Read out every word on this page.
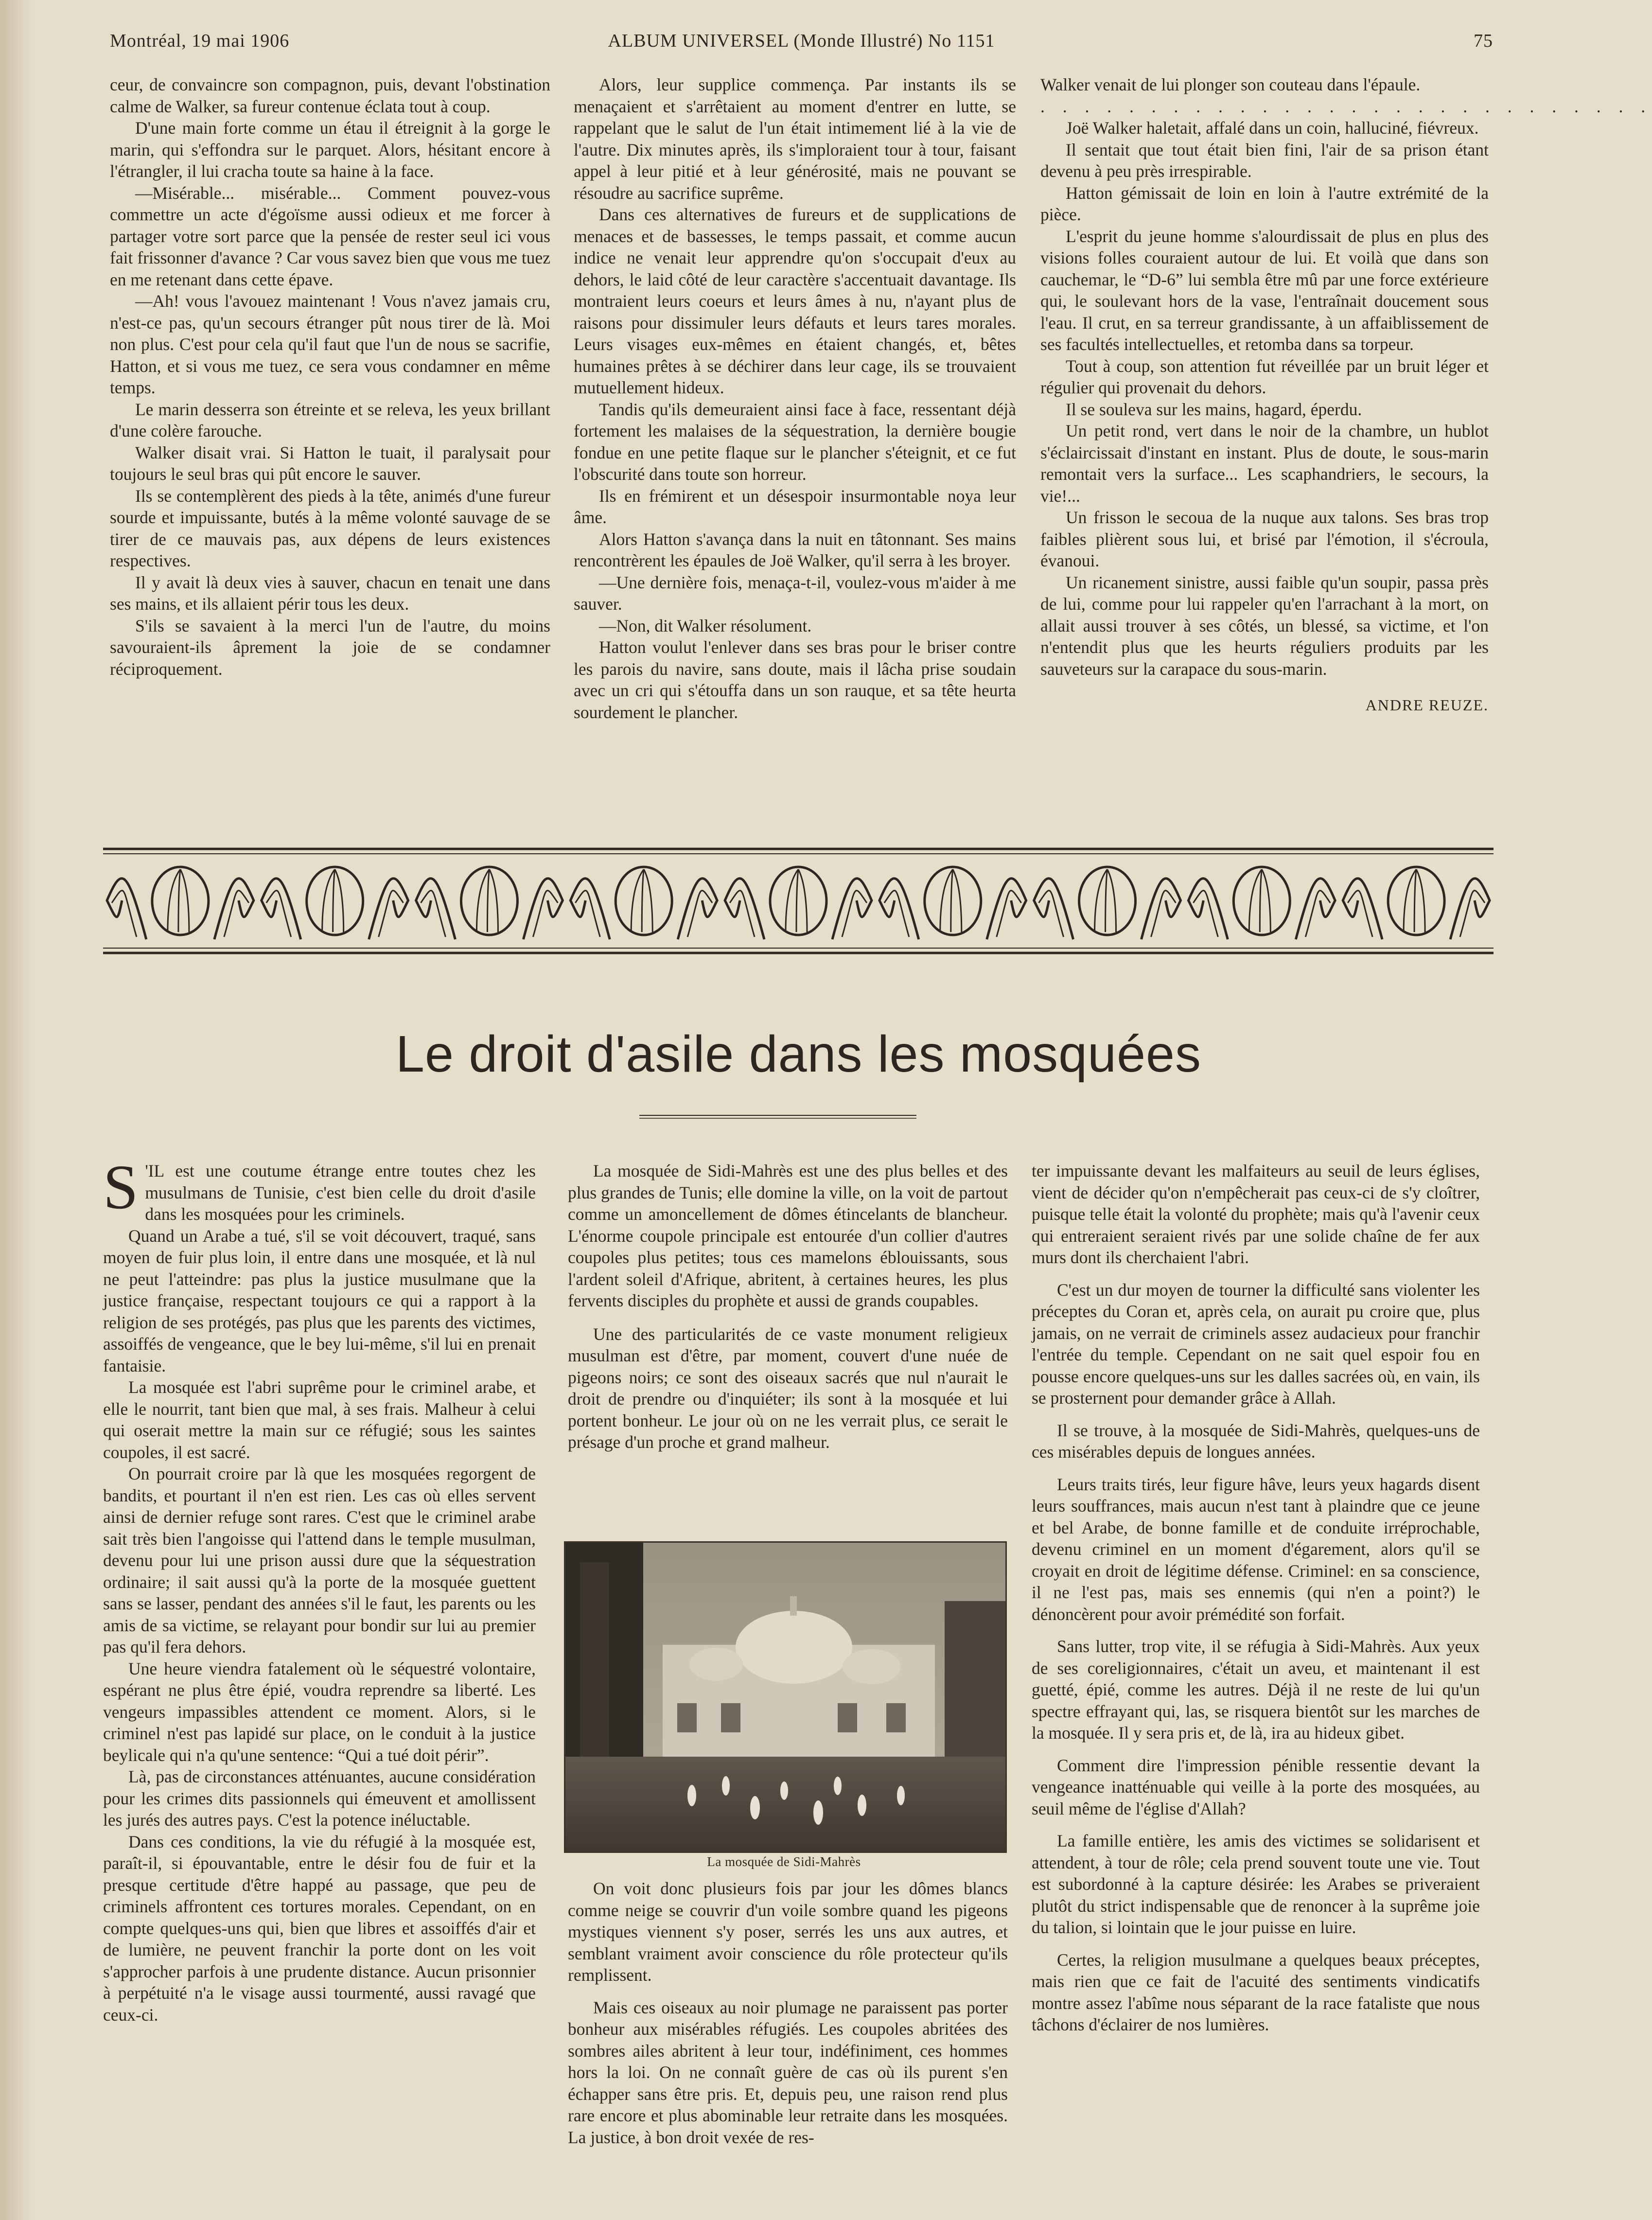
Montréal, 19 mai 1906	ALBUM UNIVERSEL (Monde Illustré) No 1151	75

ceur, de convaincre son compagnon, puis, devant l'obstination calme de Walker, sa fureur contenue éclata tout à coup.

D'une main forte comme un étau il étreignit à la gorge le marin, qui s'effondra sur le parquet. Alors, hésitant encore à l'étrangler, il lui cracha toute sa haine à la face.

—Misérable... misérable... Comment pouvez-vous commettre un acte d'égoïsme aussi odieux et me forcer à partager votre sort parce que la pensée de rester seul ici vous fait frissonner d'avance ? Car vous savez bien que vous me tuez en me retenant dans cette épave.

—Ah! vous l'avouez maintenant ! Vous n'avez jamais cru, n'est-ce pas, qu'un secours étranger pût nous tirer de là. Moi non plus. C'est pour cela qu'il faut que l'un de nous se sacrifie, Hatton, et si vous me tuez, ce sera vous condamner en même temps.

Le marin desserra son étreinte et se releva, les yeux brillant d'une colère farouche.

Walker disait vrai. Si Hatton le tuait, il paralysait pour toujours le seul bras qui pût encore le sauver.

Ils se contemplèrent des pieds à la tête, animés d'une fureur sourde et impuissante, butés à la même volonté sauvage de se tirer de ce mauvais pas, aux dépens de leurs existences respectives.

Il y avait là deux vies à sauver, chacun en tenait une dans ses mains, et ils allaient périr tous les deux.

S'ils se savaient à la merci l'un de l'autre, du moins savouraient-ils âprement la joie de se condamner réciproquement.

Alors, leur supplice commença. Par instants ils se menaçaient et s'arrêtaient au moment d'entrer en lutte, se rappelant que le salut de l'un était intimement lié à la vie de l'autre. Dix minutes après, ils s'imploraient tour à tour, faisant appel à leur pitié et à leur générosité, mais ne pouvant se résoudre au sacrifice suprême.

Dans ces alternatives de fureurs et de supplications de menaces et de bassesses, le temps passait, et comme aucun indice ne venait leur apprendre qu'on s'occupait d'eux au dehors, le laid côté de leur caractère s'accentuait davantage. Ils montraient leurs coeurs et leurs âmes à nu, n'ayant plus de raisons pour dissimuler leurs défauts et leurs tares morales. Leurs visages eux-mêmes en étaient changés, et, bêtes humaines prêtes à se déchirer dans leur cage, ils se trouvaient mutuellement hideux.

Tandis qu'ils demeuraient ainsi face à face, ressentant déjà fortement les malaises de la séquestration, la dernière bougie fondue en une petite flaque sur le plancher s'éteignit, et ce fut l'obscurité dans toute son horreur.

Ils en frémirent et un désespoir insurmontable noya leur âme.

Alors Hatton s'avança dans la nuit en tâtonnant. Ses mains rencontrèrent les épaules de Joë Walker, qu'il serra à les broyer.

—Une dernière fois, menaça-t-il, voulez-vous m'aider à me sauver.

—Non, dit Walker résolument.

Hatton voulut l'enlever dans ses bras pour le briser contre les parois du navire, sans doute, mais il lâcha prise soudain avec un cri qui s'étouffa dans un son rauque, et sa tête heurta sourdement le plancher.

Walker venait de lui plonger son couteau dans l'épaule.

. . . . . . . . . . . . . . . . . . . . . . . . . . . .

Joë Walker haletait, affalé dans un coin, halluciné, fiévreux.

Il sentait que tout était bien fini, l'air de sa prison étant devenu à peu près irrespirable.

Hatton gémissait de loin en loin à l'autre extrémité de la pièce.

L'esprit du jeune homme s'alourdissait de plus en plus des visions folles couraient autour de lui. Et voilà que dans son cauchemar, le “D-6” lui sembla être mû par une force extérieure qui, le soulevant hors de la vase, l'entraînait doucement sous l'eau. Il crut, en sa terreur grandissante, à un affaiblissement de ses facultés intellectuelles, et retomba dans sa torpeur.

Tout à coup, son attention fut réveillée par un bruit léger et régulier qui provenait du dehors.

Il se souleva sur les mains, hagard, éperdu.

Un petit rond, vert dans le noir de la chambre, un hublot s'éclaircissait d'instant en instant. Plus de doute, le sous-marin remontait vers la surface... Les scaphandriers, le secours, la vie!...

Un frisson le secoua de la nuque aux talons. Ses bras trop faibles plièrent sous lui, et brisé par l'émotion, il s'écroula, évanoui.

Un ricanement sinistre, aussi faible qu'un soupir, passa près de lui, comme pour lui rappeler qu'en l'arrachant à la mort, on allait aussi trouver à ses côtés, un blessé, sa victime, et l'on n'entendit plus que les heurts réguliers produits par les sauveteurs sur la carapace du sous-marin.

ANDRE REUZE.

Le droit d'asile dans les mosquées

S 'IL est une coutume étrange entre toutes chez les musulmans de Tunisie, c'est bien celle du droit d'asile dans les mosquées pour les criminels.

Quand un Arabe a tué, s'il se voit découvert, traqué, sans moyen de fuir plus loin, il entre dans une mosquée, et là nul ne peut l'atteindre: pas plus la justice musulmane que la justice française, respectant toujours ce qui a rapport à la religion de ses protégés, pas plus que les parents des victimes, assoiffés de vengeance, que le bey lui-même, s'il lui en prenait fantaisie.

La mosquée est l'abri suprême pour le criminel arabe, et elle le nourrit, tant bien que mal, à ses frais. Malheur à celui qui oserait mettre la main sur ce réfugié; sous les saintes coupoles, il est sacré.

On pourrait croire par là que les mosquées regorgent de bandits, et pourtant il n'en est rien. Les cas où elles servent ainsi de dernier refuge sont rares. C'est que le criminel arabe sait très bien l'angoisse qui l'attend dans le temple musulman, devenu pour lui une prison aussi dure que la séquestration ordinaire; il sait aussi qu'à la porte de la mosquée guettent sans se lasser, pendant des années s'il le faut, les parents ou les amis de sa victime, se relayant pour bondir sur lui au premier pas qu'il fera dehors.

Une heure viendra fatalement où le séquestré volontaire, espérant ne plus être épié, voudra reprendre sa liberté. Les vengeurs impassibles attendent ce moment. Alors, si le criminel n'est pas lapidé sur place, on le conduit à la justice beylicale qui n'a qu'une sentence: “Qui a tué doit périr”.

Là, pas de circonstances atténuantes, aucune considération pour les crimes dits passionnels qui émeuvent et amollissent les jurés des autres pays. C'est la potence inéluctable.

Dans ces conditions, la vie du réfugié à la mosquée est, paraît-il, si épouvantable, entre le désir fou de fuir et la presque certitude d'être happé au passage, que peu de criminels affrontent ces tortures morales. Cependant, on en compte quelques-uns qui, bien que libres et assoiffés d'air et de lumière, ne peuvent franchir la porte dont on les voit s'approcher parfois à une prudente distance. Aucun prisonnier à perpétuité n'a le visage aussi tourmenté, aussi ravagé que ceux-ci.

La mosquée de Sidi-Mahrès est une des plus belles et des plus grandes de Tunis; elle domine la ville, on la voit de partout comme un amoncellement de dômes étincelants de blancheur. L'énorme coupole principale est entourée d'un collier d'autres coupoles plus petites; tous ces mamelons éblouissants, sous l'ardent soleil d'Afrique, abritent, à certaines heures, les plus fervents disciples du prophète et aussi de grands coupables.

Une des particularités de ce vaste monument religieux musulman est d'être, par moment, couvert d'une nuée de pigeons noirs; ce sont des oiseaux sacrés que nul n'aurait le droit de prendre ou d'inquiéter; ils sont à la mosquée et lui portent bonheur. Le jour où on ne les verrait plus, ce serait le présage d'un proche et grand malheur.

La mosquée de Sidi-Mahrès

On voit donc plusieurs fois par jour les dômes blancs comme neige se couvrir d'un voile sombre quand les pigeons mystiques viennent s'y poser, serrés les uns aux autres, et semblant vraiment avoir conscience du rôle protecteur qu'ils remplissent.

Mais ces oiseaux au noir plumage ne paraissent pas porter bonheur aux misérables réfugiés. Les coupoles abritées des sombres ailes abritent à leur tour, indéfiniment, ces hommes hors la loi. On ne connaît guère de cas où ils purent s'en échapper sans être pris. Et, depuis peu, une raison rend plus rare encore et plus abominable leur retraite dans les mosquées. La justice, à bon droit vexée de res-

ter impuissante devant les malfaiteurs au seuil de leurs églises, vient de décider qu'on n'empêcherait pas ceux-ci de s'y cloîtrer, puisque telle était la volonté du prophète; mais qu'à l'avenir ceux qui entreraient seraient rivés par une solide chaîne de fer aux murs dont ils cherchaient l'abri.

C'est un dur moyen de tourner la difficulté sans violenter les préceptes du Coran et, après cela, on aurait pu croire que, plus jamais, on ne verrait de criminels assez audacieux pour franchir l'entrée du temple. Cependant on ne sait quel espoir fou en pousse encore quelques-uns sur les dalles sacrées où, en vain, ils se prosternent pour demander grâce à Allah.

Il se trouve, à la mosquée de Sidi-Mahrès, quelques-uns de ces misérables depuis de longues années.

Leurs traits tirés, leur figure hâve, leurs yeux hagards disent leurs souffrances, mais aucun n'est tant à plaindre que ce jeune et bel Arabe, de bonne famille et de conduite irréprochable, devenu criminel en un moment d'égarement, alors qu'il se croyait en droit de légitime défense. Criminel: en sa conscience, il ne l'est pas, mais ses ennemis (qui n'en a point?) le dénoncèrent pour avoir prémédité son forfait.

Sans lutter, trop vite, il se réfugia à Sidi-Mahrès. Aux yeux de ses coreligionnaires, c'était un aveu, et maintenant il est guetté, épié, comme les autres. Déjà il ne reste de lui qu'un spectre effrayant qui, las, se risquera bientôt sur les marches de la mosquée. Il y sera pris et, de là, ira au hideux gibet.

Comment dire l'impression pénible ressentie devant la vengeance inatténuable qui veille à la porte des mosquées, au seuil même de l'église d'Allah?

La famille entière, les amis des victimes se solidarisent et attendent, à tour de rôle; cela prend souvent toute une vie. Tout est subordonné à la capture désirée: les Arabes se priveraient plutôt du strict indispensable que de renoncer à la suprême joie du talion, si lointain que le jour puisse en luire.

Certes, la religion musulmane a quelques beaux préceptes, mais rien que ce fait de l'acuité des sentiments vindicatifs montre assez l'abîme nous séparant de la race fataliste que nous tâchons d'éclairer de nos lumières.
